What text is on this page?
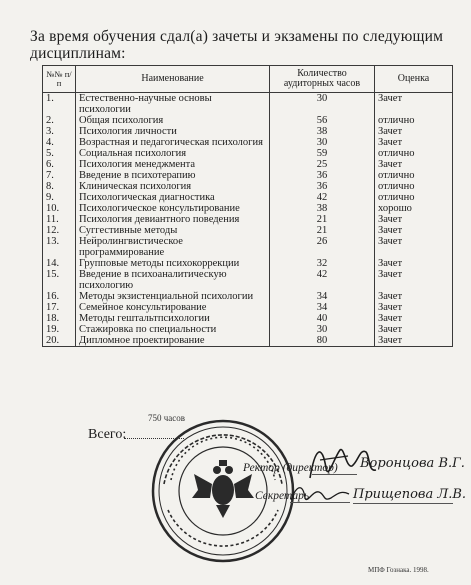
За время обучения сдал(а) зачеты и экзамены по следующим
дисциплинам:
№№ п/п	Наименование	Количество аудиторных часов	Оценка
1.	Естественно-научные основы психологии	30	Зачет
2.	Общая психология	56	отлично
3.	Психология личности	38	Зачет
4.	Возрастная и педагогическая психология	30	Зачет
5.	Социальная психология	59	отлично
6.	Психология менеджмента	25	Зачет
7.	Введение в психотерапию	36	отлично
8.	Клиническая психология	36	отлично
9.	Психологическая диагностика	42	отлично
10.	Психологическое консультирование	38	хорошо
11.	Психология девиантного поведения	21	Зачет
12.	Суггестивные методы	21	Зачет
13.	Нейролингвистическое программирование	26	Зачет
14.	Групповые методы психокоррекции	32	Зачет
15.	Введение в психоаналитическую психологию	42	Зачет
16.	Методы экзистенциальной психологии	34	Зачет
17.	Семейное консультирование	34	Зачет
18.	Методы гештальтпсихологии	40	Зачет
19.	Стажировка по специальности	30	Зачет
20.	Дипломное проектирование	80	Зачет
750 часов
Всего:
Ректор (директор) Воронцова В.Г.
Секретарь	Прищепова Л.В.
МПФ Гознака. 1998.
